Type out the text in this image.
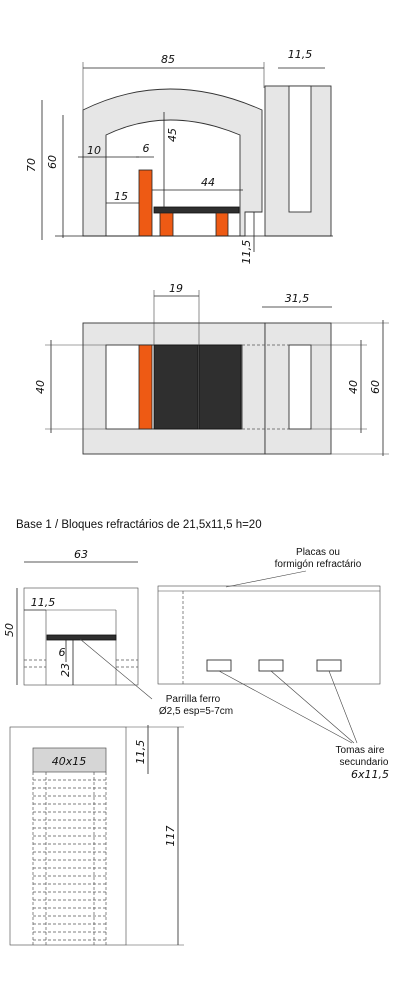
85	11,5
70 60
45
10	6
15
44
11,5
19
31,5
40	40 60
Base 1 / Bloques refractários de 21,5x11,5 h=20
63
50
11,5
6
23
40x15	11,5
117
Placas ou
formigón refractário
Parrilla ferro
Ø2,5 esp=5-7cm
Tomas aire
secundario
6x11,5
